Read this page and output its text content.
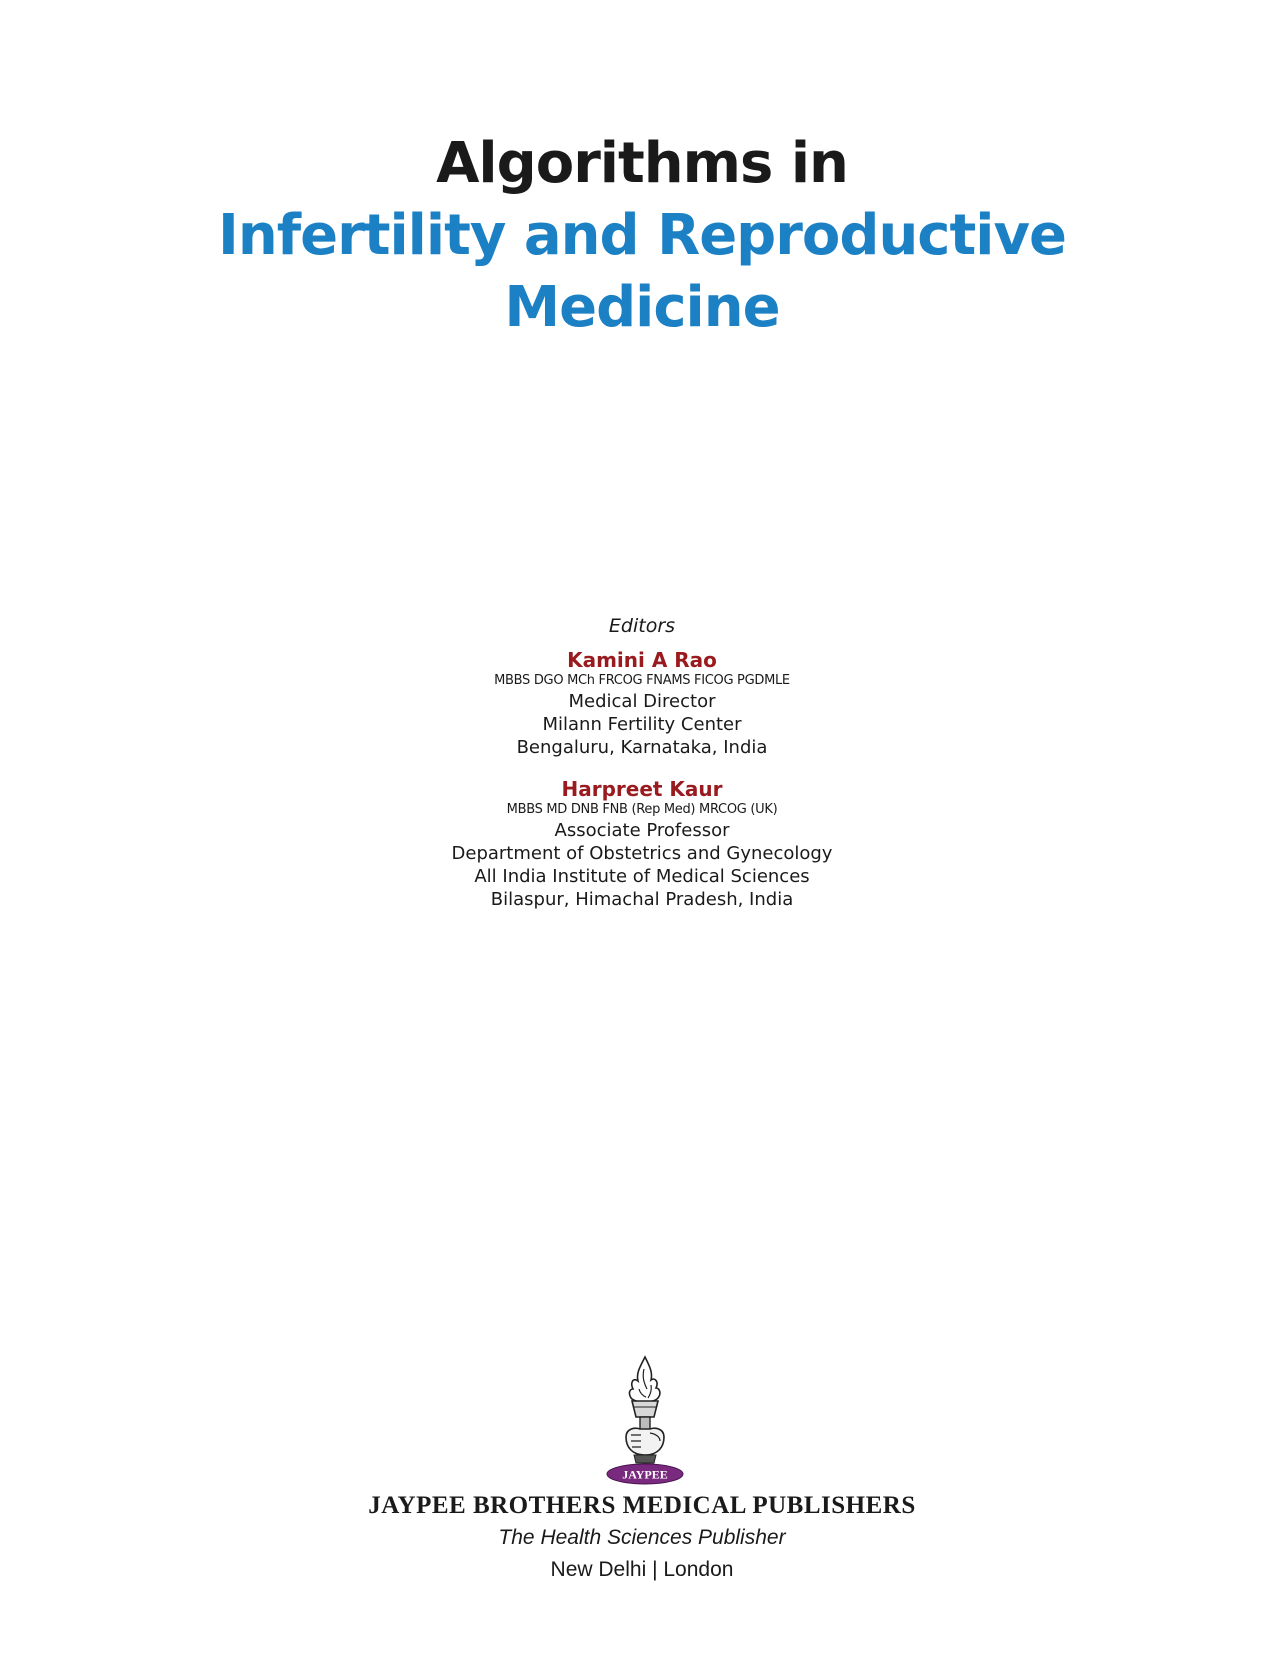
Algorithms in
Infertility and Reproductive
Medicine
Editors
Kamini A Rao
MBBS DGO MCh FRCOG FNAMS FICOG PGDMLE
Medical Director
Milann Fertility Center
Bengaluru, Karnataka, India
Harpreet Kaur
MBBS MD DNB FNB (Rep Med) MRCOG (UK)
Associate Professor
Department of Obstetrics and Gynecology
All India Institute of Medical Sciences
Bilaspur, Himachal Pradesh, India
JAYPEE
JAYPEE BROTHERS MEDICAL PUBLISHERS
The Health Sciences Publisher
New Delhi | London
